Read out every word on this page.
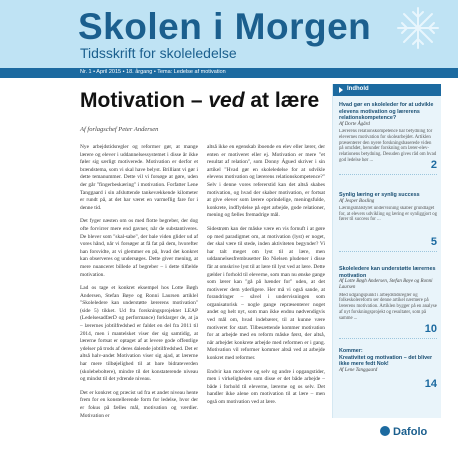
Skolen i Morgen
Tidsskrift for skoleledelse
Nr. 1 • April 2015 • 18. årgang • Tema: Ledelse af motivation
Motivation – ved at lære
Af forlagschef Peter Andersen

Nye arbejdstidsregler og reformer gør, at mange lærere og elever i uddannelsessystemet i disse år ikke føler sig særligt motiverede. Motivation er derfor et brændstema, som vi skal have belyst. Brilliant vi gør i dette temanummer. Dette vil vi forsøge at gøre, uden der går "fingerbeskæring" i motivation. Forfatter Lene Tanggaard i sin afsluttende tankevækkende kilometer er rundt på, at det har været en varmeflig fare for i denne tid.

Det fyger næsten om os med flotte begreber, der dog ofte forvirrer mere end gavner, når de substantiveres. De blever som "skal-sabe", der bale viden glider ud af vores hånd, når vi forsøger at få fat på dem, hvorefter han forsvidte, at vi glemmer en på, hvad det konkret kan observeres og undersøges. Dette giver mening, at mere nuanceret billede af begreber – i dette tilfælde motivation.

Lad os tage et konkret eksempel hos Lotte Bøgh Andersen, Stefan Bøye og Ronni Laursen artiklel "Skoleledere kan understøtte lærerens motivation" (side 5) tikket. Ud fra forskningsprojektet LEAP (LedelsesadfærD og performance) forklarger de, at ja – lærernes jobtilfredshed er faldet en del fra 2011 til 2014, men i mantelsket viser der sig samtidig, at lærerne fortsat er optaget af at levere gode offentlige ydelser på trods af deres dalende jobtilfredshed. Det er altså halv-andet Motivation viser sig ajad, at lærerne har mere tilbøjelighed til at bare bidrateverden (skolebeboltere), mindre til det konstaterende niveau og mindst til det ydrende niveau.

Det er konkret og præcist ud fra et andet niveau hente frem for en konstellerende form for ledelse, hvor der er fokus på fælles mål, motivation og værdier. Motivation er

altså ikke en egenskab iboende en elev eller lærer, der enten er motiveret eller ej. Motivation er mere "et resultat af relation", som Donny Águed skriver i sin artikel "Hvad gør en skoleledelse for at udvikle elevens motivation og lærerens relationskompetence?" Selv i denne vores refererstid kan det altså skabes motivation, og hvad der skaber motivation, er fortsat at give elever som lærere oprindelige, meningsfulde, konkrete, indflydelse på eget arbejde, gode relationer, mening og fælles fremadrige mål.

Sidestrøm kan der måske være en vis fornuft i at gøre op med paradigmet om, at motivation (lyst) er noget, der skal være til stede, inden aktiviteten begynder? Vi har talt meget om lyst til at lære, men uddannelsesfrembusetter Bo Nielsen pludener i disse får at omskrive lyst til at lære til lyst ved at lære. Dette gælder i forhold til eleverne, som man nu ønske gange som lærer kan "gå på hænder for" uden, at det motiverer dem yderligere. Her må vi også sande, at forandringer – såvel i undervisningen som organisatorisk – nogle gange repræsenterer noget andet og helt nyt, som man ikke endnu nødvendigvis ved mål om, hvad indebærer, til at kunne være motiveret for start. Tilbesættende kommer motivation for at arbejde med en reform måske først, der altså, når arbejdet konkrete arbejde med reformen er i gang. Motivation vil reformer kommer altså ved at arbejde konkret med reformer.

Endvir kan motivere og selv og andre i opgangstider, men i virkeligheden som disse er det både arbejde – både i forhold til eleverne, lærerne og os selv. Det handler ikke alene om motivation til at lære – men også om motivation ved at lære.

Indhold

Hvad gør en skoleleder for at udvikle elevens motivation og lærerens relationskompetence?

Af Dorte Ågård

Lærerens relationskompetence har betydning for elevernes motivation for skolearbejdet. Artiklen præsenterer den nyere forskningsbaserede viden på området, herunder forskning om lærer-elev-relationens betydning. Desuden gives råd om hvad god ledelse bør ...	2

Synlig læring er synlig success

Af Jesper Bosling

Læringsmålstyret undervisning skaber grundlaget for, at elevers udvikling og læring er synliggjort og fører til success for ...

5

Skoleledere kan understøtte lærernes motivation

Af Lotte Bøgh Andersen, Stefan Bøye og Ronni Laursen

Med udgangspunkt i arbejdstidsregler og folkeskolereform ser denne artikel nærmere på lærerens motivation. Artiklen bygger på en analyse af nyt forskningsprojekt og resultater, som på samme ...

10

Kommer:
Kreativitet og motivation – det bliver ikke mere fedt Nok!

Af Lene Tanggaard

14
Dafolo
